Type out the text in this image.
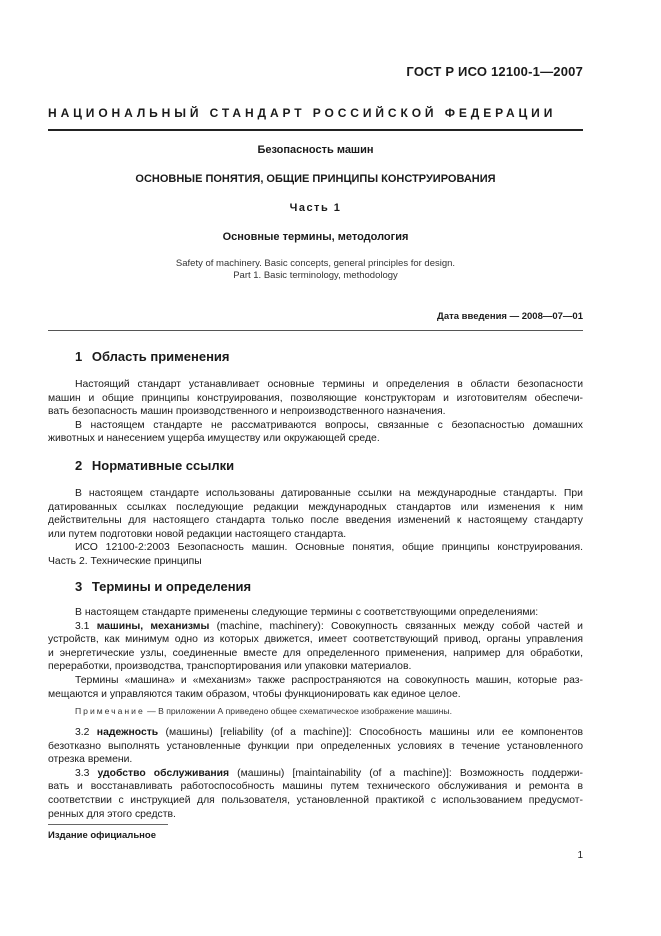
ГОСТ Р ИСО 12100-1—2007
НАЦИОНАЛЬНЫЙ СТАНДАРТ РОССИЙСКОЙ ФЕДЕРАЦИИ
Безопасность машин
ОСНОВНЫЕ ПОНЯТИЯ, ОБЩИЕ ПРИНЦИПЫ КОНСТРУИРОВАНИЯ
Часть 1
Основные термины, методология
Safety of machinery. Basic concepts, general principles for design.
Part 1. Basic terminology, methodology
Дата введения — 2008—07—01
1 Область применения
Настоящий стандарт устанавливает основные термины и определения в области безопасности
машин и общие принципы конструирования, позволяющие конструкторам и изготовителям обеспечи-
вать безопасность машин производственного и непроизводственного назначения.
В настоящем стандарте не рассматриваются вопросы, связанные с безопасностью домашних
животных и нанесением ущерба имуществу или окружающей среде.
2 Нормативные ссылки
В настоящем стандарте использованы датированные ссылки на международные стандарты. При
датированных ссылках последующие редакции международных стандартов или изменения к ним
действительны для настоящего стандарта только после введения изменений к настоящему стандарту
или путем подготовки новой редакции настоящего стандарта.
ИСО 12100-2:2003 Безопасность машин. Основные понятия, общие принципы конструирования.
Часть 2. Технические принципы
3 Термины и определения
В настоящем стандарте применены следующие термины с соответствующими определениями:
3.1 машины, механизмы (machine, machinery): Совокупность связанных между собой частей и
устройств, как минимум одно из которых движется, имеет соответствующий привод, органы управления
и энергетические узлы, соединенные вместе для определенного применения, например для обработки,
переработки, производства, транспортирования или упаковки материалов.
Термины «машина» и «механизм» также распространяются на совокупность машин, которые раз-
мещаются и управляются таким образом, чтобы функционировать как единое целое.
Примечание — В приложении А приведено общее схематическое изображение машины.
3.2 надежность (машины) [reliability (of a machine)]: Способность машины или ее компонентов
безотказно выполнять установленные функции при определенных условиях в течение установленного
отрезка времени.
3.3 удобство обслуживания (машины) [maintainability (of a machine)]: Возможность поддержи-
вать и восстанавливать работоспособность машины путем технического обслуживания и ремонта в
соответствии с инструкцией для пользователя, установленной практикой с использованием предусмот-
ренных для этого средств.
Издание официальное
1
